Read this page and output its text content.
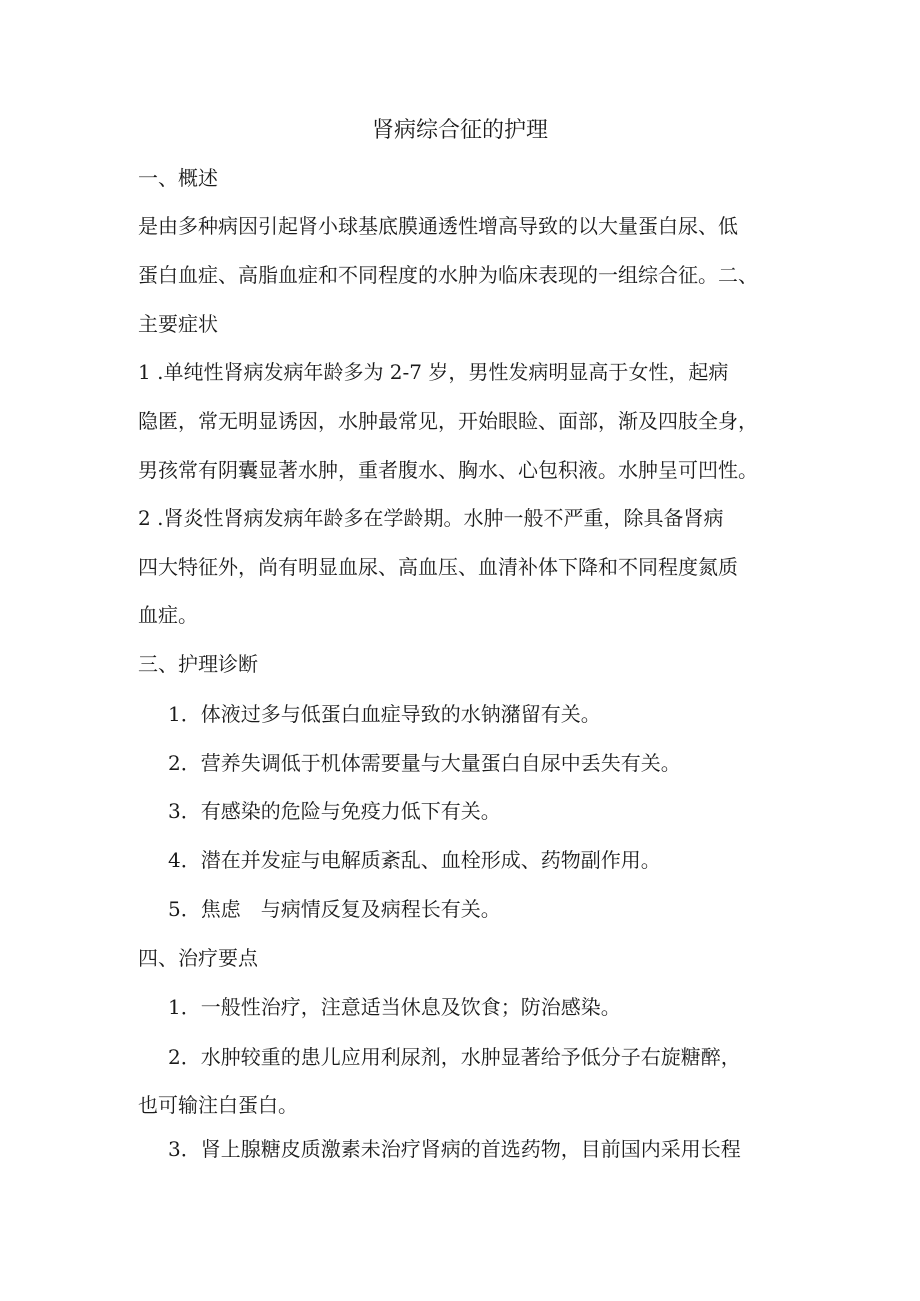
肾病综合征的护理
一、概述
是由多种病因引起肾小球基底膜通透性增高导致的以大量蛋白尿、低
蛋白血症、高脂血症和不同程度的水肿为临床表现的一组综合征。二、
主要症状
1 .单纯性肾病发病年龄多为 2-7 岁，男性发病明显高于女性，起病
隐匿，常无明显诱因，水肿最常见，开始眼睑、面部，渐及四肢全身，
男孩常有阴囊显著水肿，重者腹水、胸水、心包积液。水肿呈可凹性。
2 .肾炎性肾病发病年龄多在学龄期。水肿一般不严重，除具备肾病
四大特征外，尚有明显血尿、高血压、血清补体下降和不同程度氮质
血症。
三、护理诊断
1．体液过多与低蛋白血症导致的水钠潴留有关。
2．营养失调低于机体需要量与大量蛋白自尿中丢失有关。
3．有感染的危险与免疫力低下有关。
4．潜在并发症与电解质紊乱、血栓形成、药物副作用。
5．焦虑　与病情反复及病程长有关。
四、治疗要点
1．一般性治疗，注意适当休息及饮食；防治感染。
2．水肿较重的患儿应用利尿剂，水肿显著给予低分子右旋糖醉，
也可输注白蛋白。
3．肾上腺糖皮质激素未治疗肾病的首选药物，目前国内采用长程
